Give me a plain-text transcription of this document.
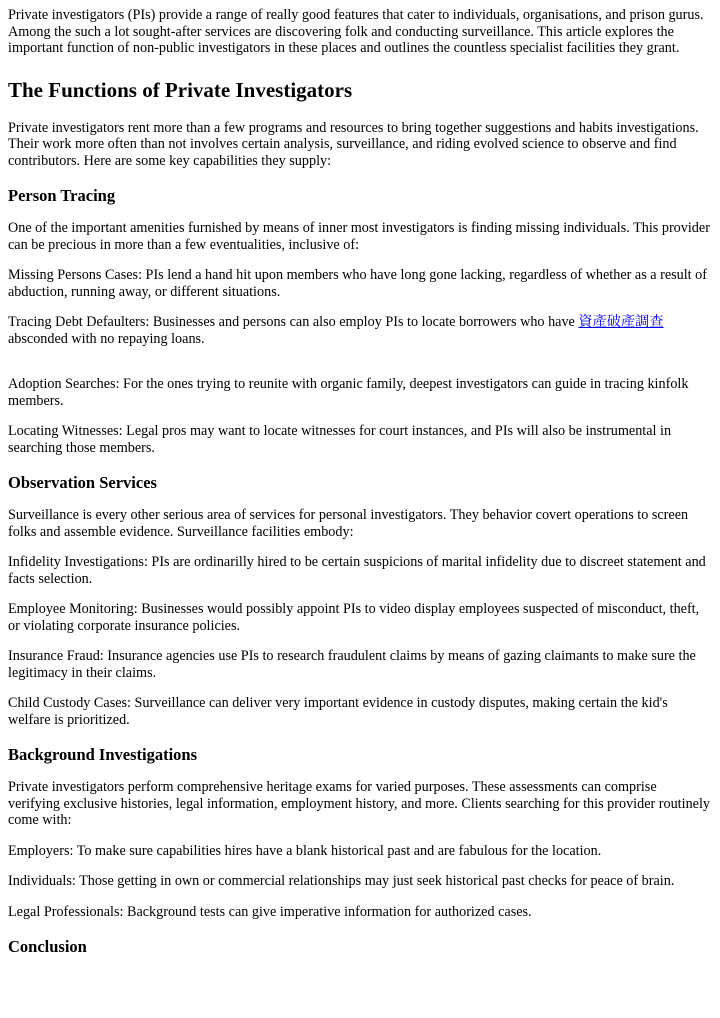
Private investigators (PIs) provide a range of really good features that cater to individuals, organisations, and prison gurus. Among the such a lot sought-after services are discovering folk and conducting surveillance. This article explores the important function of non-public investigators in these places and outlines the countless specialist facilities they grant.

The Functions of Private Investigators

Private investigators rent more than a few programs and resources to bring together suggestions and habits investigations. Their work more often than not involves certain analysis, surveillance, and riding evolved science to observe and find contributors. Here are some key capabilities they supply:

Person Tracing

One of the important amenities furnished by means of inner most investigators is finding missing individuals. This provider can be precious in more than a few eventualities, inclusive of:

Missing Persons Cases: PIs lend a hand hit upon members who have long gone lacking, regardless of whether as a result of abduction, running away, or different situations.

Tracing Debt Defaulters: Businesses and persons can also employ PIs to locate borrowers who have 資產破產調查 absconded with no repaying loans.

Adoption Searches: For the ones trying to reunite with organic family, deepest investigators can guide in tracing kinfolk members.

Locating Witnesses: Legal pros may want to locate witnesses for court instances, and PIs will also be instrumental in searching those members.

Observation Services

Surveillance is every other serious area of services for personal investigators. They behavior covert operations to screen folks and assemble evidence. Surveillance facilities embody:

Infidelity Investigations: PIs are ordinarilly hired to be certain suspicions of marital infidelity due to discreet statement and facts selection.

Employee Monitoring: Businesses would possibly appoint PIs to video display employees suspected of misconduct, theft, or violating corporate insurance policies.

Insurance Fraud: Insurance agencies use PIs to research fraudulent claims by means of gazing claimants to make sure the legitimacy in their claims.

Child Custody Cases: Surveillance can deliver very important evidence in custody disputes, making certain the kid's welfare is prioritized.

Background Investigations

Private investigators perform comprehensive heritage exams for varied purposes. These assessments can comprise verifying exclusive histories, legal information, employment history, and more. Clients searching for this provider routinely come with:

Employers: To make sure capabilities hires have a blank historical past and are fabulous for the location.

Individuals: Those getting in own or commercial relationships may just seek historical past checks for peace of brain.

Legal Professionals: Background tests can give imperative information for authorized cases.

Conclusion
